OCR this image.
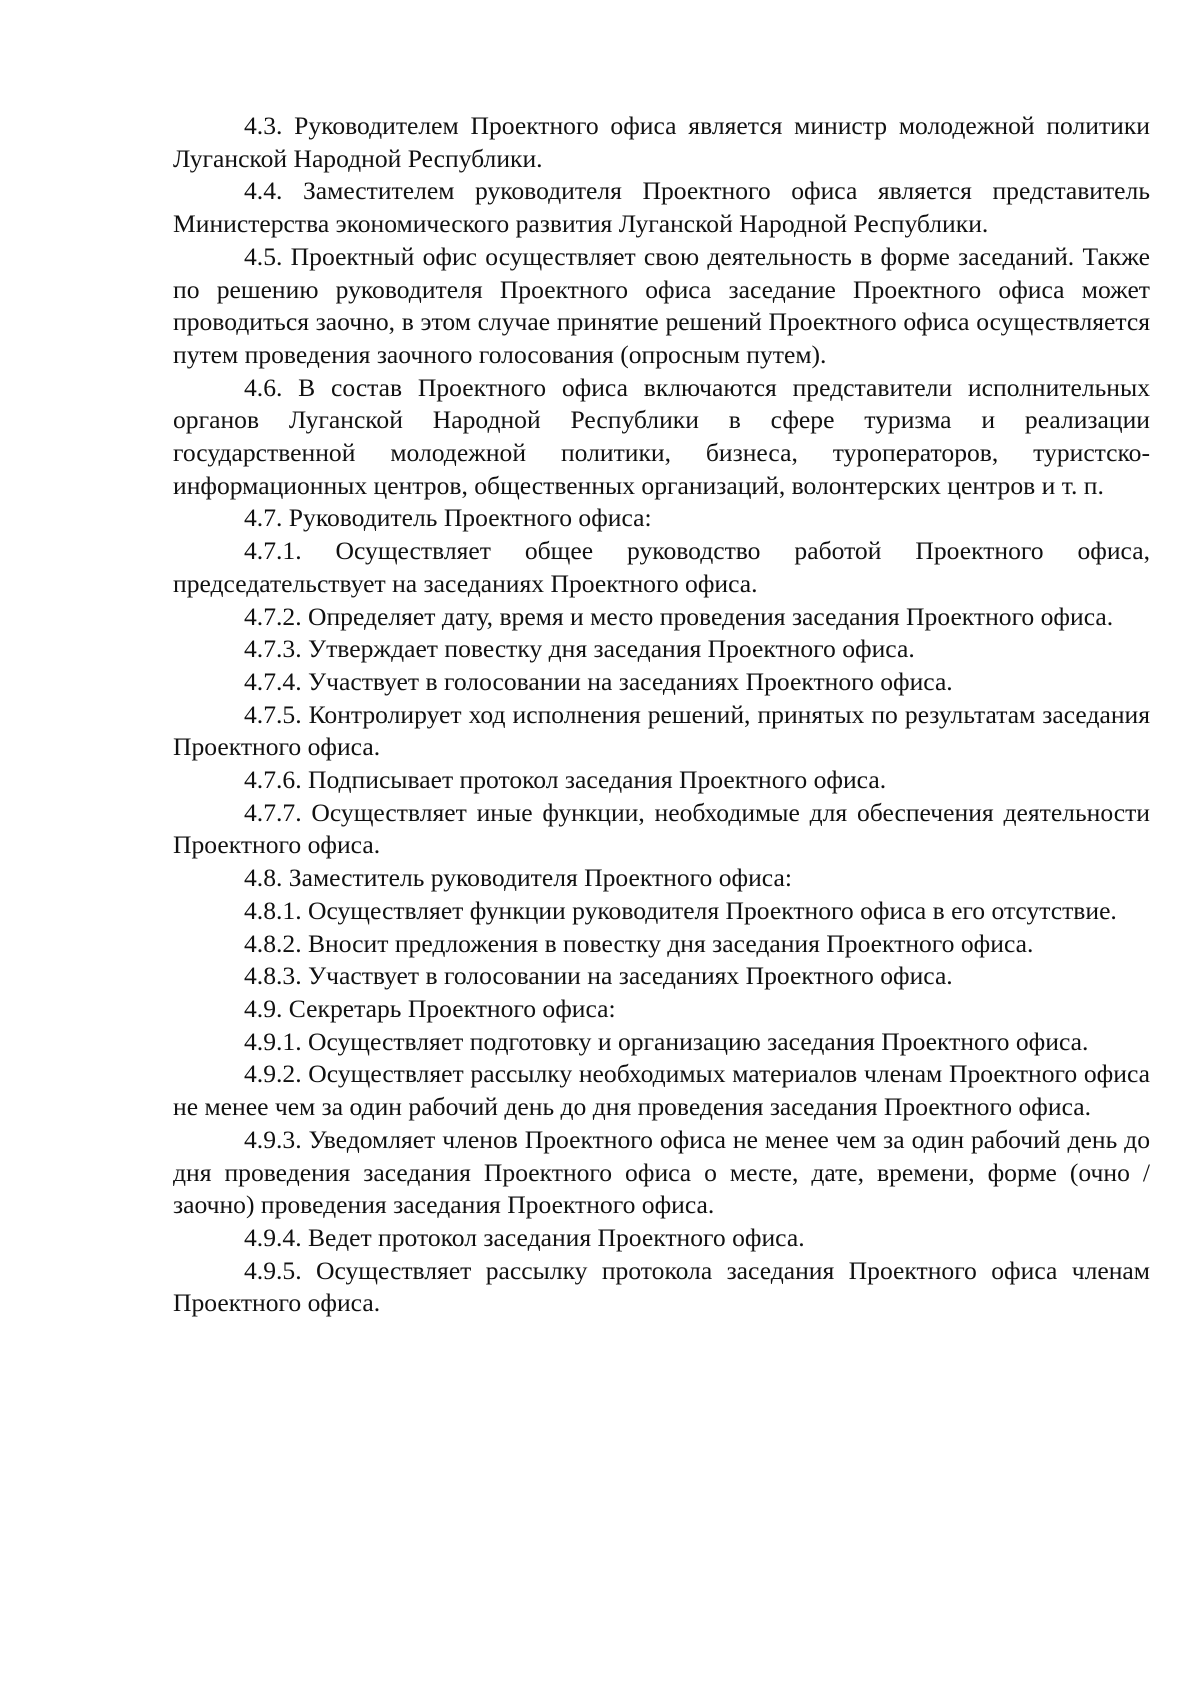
4.3. Руководителем Проектного офиса является министр молодежной политики Луганской Народной Республики.

4.4. Заместителем руководителя Проектного офиса является представитель Министерства экономического развития Луганской Народной Республики.

4.5. Проектный офис осуществляет свою деятельность в форме заседаний. Также по решению руководителя Проектного офиса заседание Проектного офиса может проводиться заочно, в этом случае принятие решений Проектного офиса осуществляется путем проведения заочного голосования (опросным путем).

4.6. В состав Проектного офиса включаются представители исполнительных органов Луганской Народной Республики в сфере туризма и реализации государственной молодежной политики, бизнеса, туроператоров, туристско-информационных центров, общественных организаций, волонтерских центров и т. п.

4.7. Руководитель Проектного офиса:

4.7.1. Осуществляет общее руководство работой Проектного офиса, председательствует на заседаниях Проектного офиса.

4.7.2. Определяет дату, время и место проведения заседания Проектного офиса.

4.7.3. Утверждает повестку дня заседания Проектного офиса.

4.7.4. Участвует в голосовании на заседаниях Проектного офиса.

4.7.5. Контролирует ход исполнения решений, принятых по результатам заседания Проектного офиса.

4.7.6. Подписывает протокол заседания Проектного офиса.

4.7.7. Осуществляет иные функции, необходимые для обеспечения деятельности Проектного офиса.

4.8. Заместитель руководителя Проектного офиса:

4.8.1. Осуществляет функции руководителя Проектного офиса в его отсутствие.

4.8.2. Вносит предложения в повестку дня заседания Проектного офиса.

4.8.3. Участвует в голосовании на заседаниях Проектного офиса.

4.9. Секретарь Проектного офиса:

4.9.1. Осуществляет подготовку и организацию заседания Проектного офиса.

4.9.2. Осуществляет рассылку необходимых материалов членам Проектного офиса не менее чем за один рабочий день до дня проведения заседания Проектного офиса.

4.9.3. Уведомляет членов Проектного офиса не менее чем за один рабочий день до дня проведения заседания Проектного офиса о месте, дате, времени, форме (очно / заочно) проведения заседания Проектного офиса.

4.9.4. Ведет протокол заседания Проектного офиса.

4.9.5. Осуществляет рассылку протокола заседания Проектного офиса членам Проектного офиса.
